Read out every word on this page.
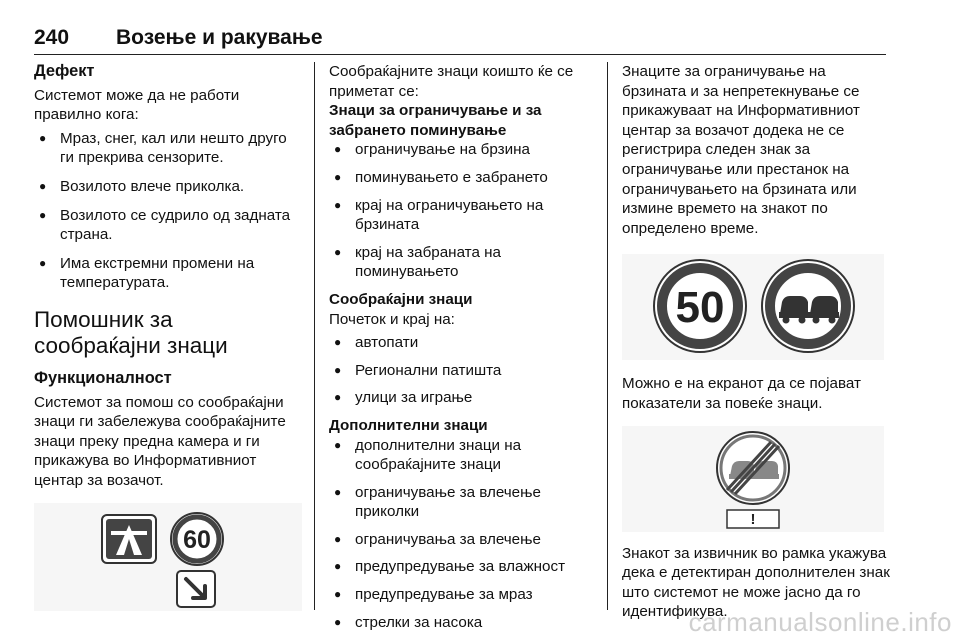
240 Возење и ракување

Дефект

Системот може да не работи правилно кога:

● Мраз, снег, кал или нешто друго ги прекрива сензорите.
● Возилото влече приколка.
● Возилото се судрило од задната страна.
● Има екстремни промени на температурата.

Помошник за сообраќајни знаци

Функционалност

Системот за помош со сообраќајни знаци ги забележува сообраќајните знаци преку предна камера и ги прикажува во Информативниот центар за возачот.

60

Сообраќајните знаци коишто ќе се приметат се:

Знаци за ограничување и за забрането поминување

● ограничување на брзина
● поминувањето е забрането
● крај на ограничувањето на брзината
● крај на забраната на поминувањето

Сообраќајни знаци

Почеток и крај на:

● автопати
● Регионални патишта
● улици за играње

Дополнителни знаци

● дополнителни знаци на сообраќајните знаци
● ограничување за влечење приколки
● ограничувања за влечење
● предупредување за влажност
● предупредување за мраз
● стрелки за насока

Знаците за ограничување на брзината и за непретекнување се прикажуваат на Информативниот центар за возачот додека не се регистрира следен знак за ограничување или престанок на ограничувањето на брзината или измине времето на знакот по определено време.

50

Можно е на екранот да се појават показатели за повеќе знаци.

!

Знакот за извичник во рамка укажува дека е детектиран дополнителен знак што системот не може јасно да го идентификува.

carmanualsonline.info
